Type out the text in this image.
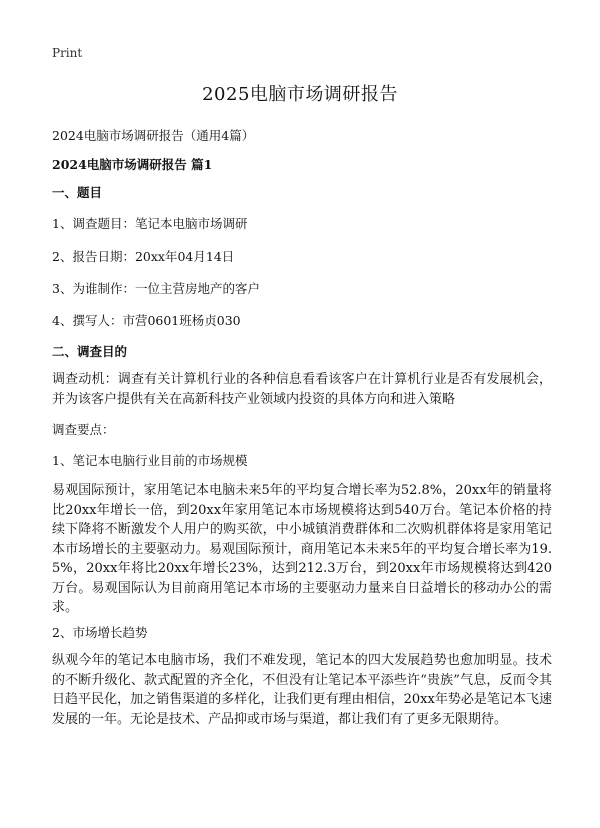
Print
2025电脑市场调研报告
2024电脑市场调研报告（通用4篇）
2024电脑市场调研报告 篇1
一、题目
1、调查题目：笔记本电脑市场调研
2、报告日期：20xx年04月14日
3、为谁制作：一位主营房地产的客户
4、撰写人：市营0601班杨贞030
二、调查目的
调查动机：调查有关计算机行业的各种信息看看该客户在计算机行业是否有发展机会，并为该客户提供有关在高新科技产业领域内投资的具体方向和进入策略
调查要点：
1、笔记本电脑行业目前的市场规模
易观国际预计，家用笔记本电脑未来5年的平均复合增长率为52.8%，20xx年的销量将比20xx年增长一倍，到20xx年家用笔记本市场规模将达到540万台。笔记本价格的持续下降将不断激发个人用户的购买欲，中小城镇消费群体和二次购机群体将是家用笔记本市场增长的主要驱动力。易观国际预计，商用笔记本未来5年的平均复合增长率为19.5%，20xx年将比20xx年增长23%，达到212.3万台，到20xx年市场规模将达到420万台。易观国际认为目前商用笔记本市场的主要驱动力量来自日益增长的移动办公的需求。
2、市场增长趋势
纵观今年的笔记本电脑市场，我们不难发现，笔记本的四大发展趋势也愈加明显。技术的不断升级化、款式配置的齐全化，不但没有让笔记本平添些许“贵族”气息，反而令其日趋平民化，加之销售渠道的多样化，让我们更有理由相信，20xx年势必是笔记本飞速发展的一年。无论是技术、产品抑或市场与渠道，都让我们有了更多无限期待。
